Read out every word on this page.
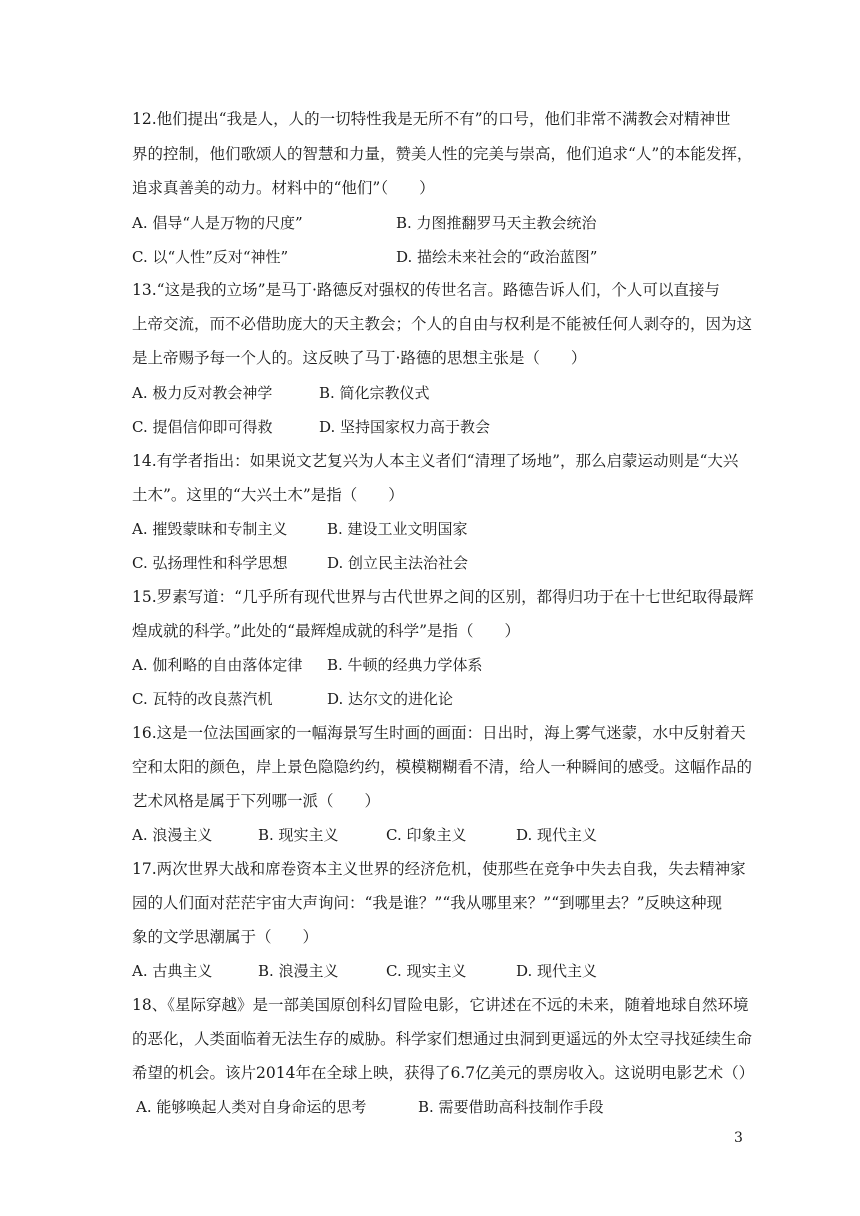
12.他们提出“我是人，人的一切特性我是无所不有”的口号，他们非常不满教会对精神世
界的控制，他们歌颂人的智慧和力量，赞美人性的完美与崇高，他们追求“人”的本能发挥，
追求真善美的动力。材料中的“他们”（　　）
A. 倡导“人是万物的尺度”	B. 力图推翻罗马天主教会统治
C. 以“人性”反对“神性”	D. 描绘未来社会的“政治蓝图”
13.“这是我的立场”是马丁·路德反对强权的传世名言。路德告诉人们，个人可以直接与
上帝交流，而不必借助庞大的天主教会；个人的自由与权利是不能被任何人剥夺的，因为这
是上帝赐予每一个人的。这反映了马丁·路德的思想主张是（　　）
A. 极力反对教会神学	B. 简化宗教仪式
C. 提倡信仰即可得救	D. 坚持国家权力高于教会
14.有学者指出：如果说文艺复兴为人本主义者们“清理了场地”，那么启蒙运动则是“大兴
土木”。这里的“大兴土木”是指（　　）
A. 摧毁蒙昧和专制主义	B. 建设工业文明国家
C. 弘扬理性和科学思想	D. 创立民主法治社会
15.罗素写道：“几乎所有现代世界与古代世界之间的区别，都得归功于在十七世纪取得最辉
煌成就的科学。”此处的“最辉煌成就的科学”是指（　　）
A. 伽利略的自由落体定律 B. 牛顿的经典力学体系
C. 瓦特的改良蒸汽机	D. 达尔文的进化论
16.这是一位法国画家的一幅海景写生时画的画面：日出时，海上雾气迷蒙，水中反射着天
空和太阳的颜色，岸上景色隐隐约约，模模糊糊看不清，给人一种瞬间的感受。这幅作品的
艺术风格是属于下列哪一派（　　）
A. 浪漫主义	B. 现实主义	C. 印象主义	D. 现代主义
17.两次世界大战和席卷资本主义世界的经济危机，使那些在竞争中失去自我，失去精神家
园的人们面对茫茫宇宙大声询问：“我是谁？”“我从哪里来？”“到哪里去？”反映这种现
象的文学思潮属于（　　）
A. 古典主义	B. 浪漫主义	C. 现实主义	D. 现代主义
18、《星际穿越》是一部美国原创科幻冒险电影，它讲述在不远的未来，随着地球自然环境
的恶化，人类面临着无法生存的威胁。科学家们想通过虫洞到更遥远的外太空寻找延续生命
希望的机会。该片2014年在全球上映，获得了6.7亿美元的票房收入。这说明电影艺术（）
A. 能够唤起人类对自身命运的思考	B. 需要借助高科技制作手段
3
